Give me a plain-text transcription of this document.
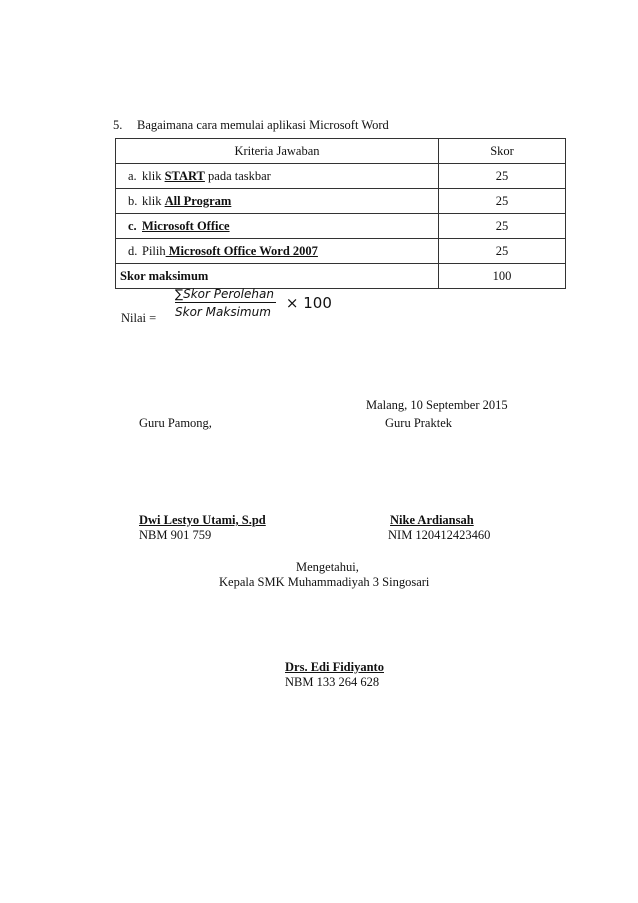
5. Bagaimana cara memulai aplikasi Microsoft Word
Kriteria Jawaban	Skor
a. klik START pada taskbar	25
b. klik All Program	25
c. Microsoft Office	25
d. Pilih Microsoft Office Word 2007	25
Skor maksimum	100
Nilai = $\frac{\text{∑Skor Perolehan}}{\text{Skor Maksimum}} \times 100$
Malang, 10 September 2015
Guru Pamong,	Guru Praktek
Dwi Lestyo Utami, S.pd
NBM 901 759
Nike Ardiansah
NIM 120412423460
Mengetahui,
Kepala SMK Muhammadiyah 3 Singosari
Drs. Edi Fidiyanto
NBM 133 264 628
